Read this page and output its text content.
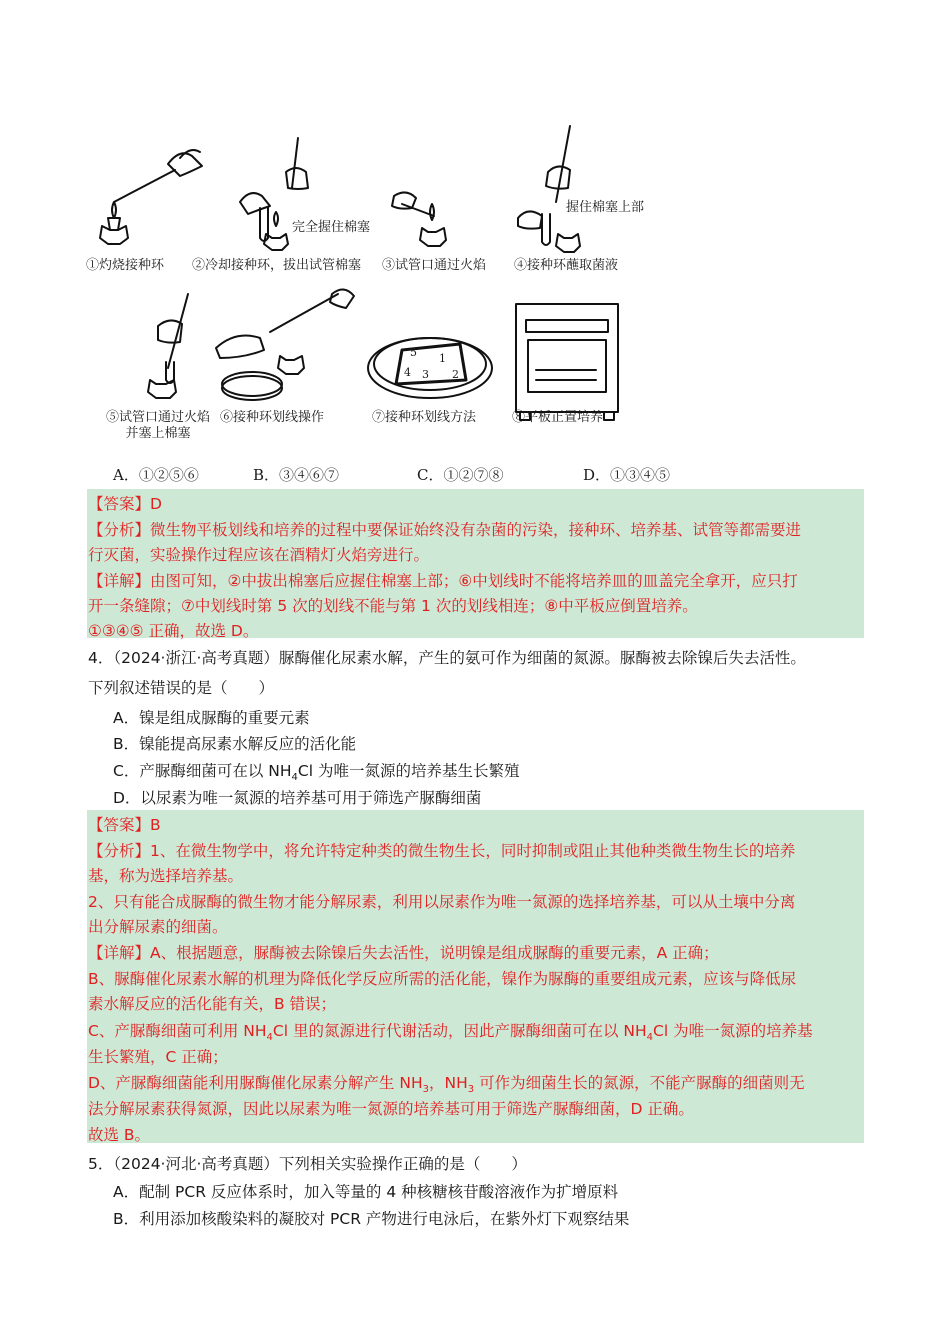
5 1
4 3 2
完全握住棉塞
握住棉塞上部
①灼烧接种环 ②冷却接种环，拔出试管棉塞 ③试管口通过火焰 ④接种环蘸取菌液
⑤试管口通过火焰并塞上棉塞
⑥接种环划线操作	⑦接种环划线方法	⑧平板正置培养
A．①②⑤⑥	B．③④⑥⑦	C．①②⑦⑧	D．①③④⑤
【答案】D
【分析】微生物平板划线和培养的过程中要保证始终没有杂菌的污染，接种环、培养基、试管等都需要进
行灭菌，实验操作过程应该在酒精灯火焰旁进行。
【详解】由图可知，②中拔出棉塞后应握住棉塞上部；⑥中划线时不能将培养皿的皿盖完全拿开，应只打
开一条缝隙；⑦中划线时第 5 次的划线不能与第 1 次的划线相连；⑧中平板应倒置培养。
①③④⑤ 正确，故选 D。
4．（2024·浙江·高考真题）脲酶催化尿素水解，产生的氨可作为细菌的氮源。脲酶被去除镍后失去活性。
下列叙述错误的是（　　）
A．镍是组成脲酶的重要元素
B．镍能提高尿素水解反应的活化能
C．产脲酶细菌可在以 $NH_4Cl$ 为唯一氮源的培养基生长繁殖
D．以尿素为唯一氮源的培养基可用于筛选产脲酶细菌
【答案】B
【分析】1、在微生物学中，将允许特定种类的微生物生长，同时抑制或阻止其他种类微生物生长的培养
基，称为选择培养基。
2、只有能合成脲酶的微生物才能分解尿素，利用以尿素作为唯一氮源的选择培养基，可以从土壤中分离
出分解尿素的细菌。
【详解】A、根据题意，脲酶被去除镍后失去活性，说明镍是组成脲酶的重要元素，A 正确；
B、脲酶催化尿素水解的机理为降低化学反应所需的活化能，镍作为脲酶的重要组成元素，应该与降低尿
素水解反应的活化能有关，B 错误；
C、产脲酶细菌可利用 $NH_4Cl$ 里的氮源进行代谢活动，因此产脲酶细菌可在以 $NH_4Cl$ 为唯一氮源的培养基
生长繁殖，C 正确；
D、产脲酶细菌能利用脲酶催化尿素分解产生 $NH_3$，$NH_3$ 可作为细菌生长的氮源，不能产脲酶的细菌则无
法分解尿素获得氮源，因此以尿素为唯一氮源的培养基可用于筛选产脲酶细菌，D 正确。
故选 B。
5．（2024·河北·高考真题）下列相关实验操作正确的是（　　）
A．配制 PCR 反应体系时，加入等量的 4 种核糖核苷酸溶液作为扩增原料
B．利用添加核酸染料的凝胶对 PCR 产物进行电泳后，在紫外灯下观察结果
